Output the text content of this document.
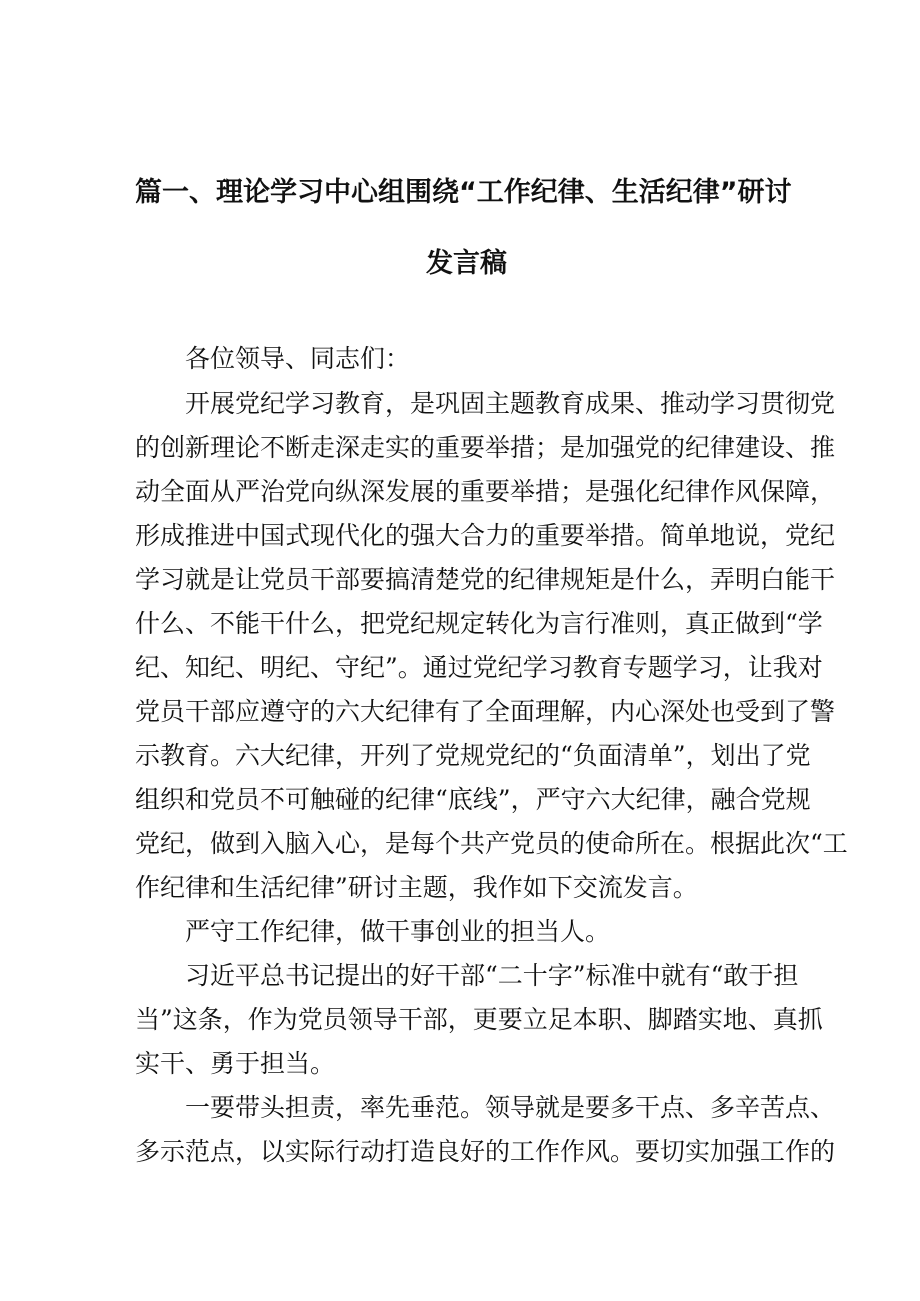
篇一、理论学习中心组围绕“工作纪律、生活纪律”研讨
发言稿
各位领导、同志们：
开展党纪学习教育，是巩固主题教育成果、推动学习贯彻党
的创新理论不断走深走实的重要举措；是加强党的纪律建设、推
动全面从严治党向纵深发展的重要举措；是强化纪律作风保障，
形成推进中国式现代化的强大合力的重要举措。简单地说，党纪
学习就是让党员干部要搞清楚党的纪律规矩是什么，弄明白能干
什么、不能干什么，把党纪规定转化为言行准则，真正做到“学
纪、知纪、明纪、守纪”。通过党纪学习教育专题学习，让我对
党员干部应遵守的六大纪律有了全面理解，内心深处也受到了警
示教育。六大纪律，开列了党规党纪的“负面清单”，划出了党
组织和党员不可触碰的纪律“底线”，严守六大纪律，融合党规
党纪，做到入脑入心，是每个共产党员的使命所在。根据此次“工
作纪律和生活纪律”研讨主题，我作如下交流发言。
严守工作纪律，做干事创业的担当人。
习近平总书记提出的好干部“二十字”标准中就有“敢于担
当”这条，作为党员领导干部，更要立足本职、脚踏实地、真抓
实干、勇于担当。
一要带头担责，率先垂范。领导就是要多干点、多辛苦点、
多示范点，以实际行动打造良好的工作作风。要切实加强工作的
